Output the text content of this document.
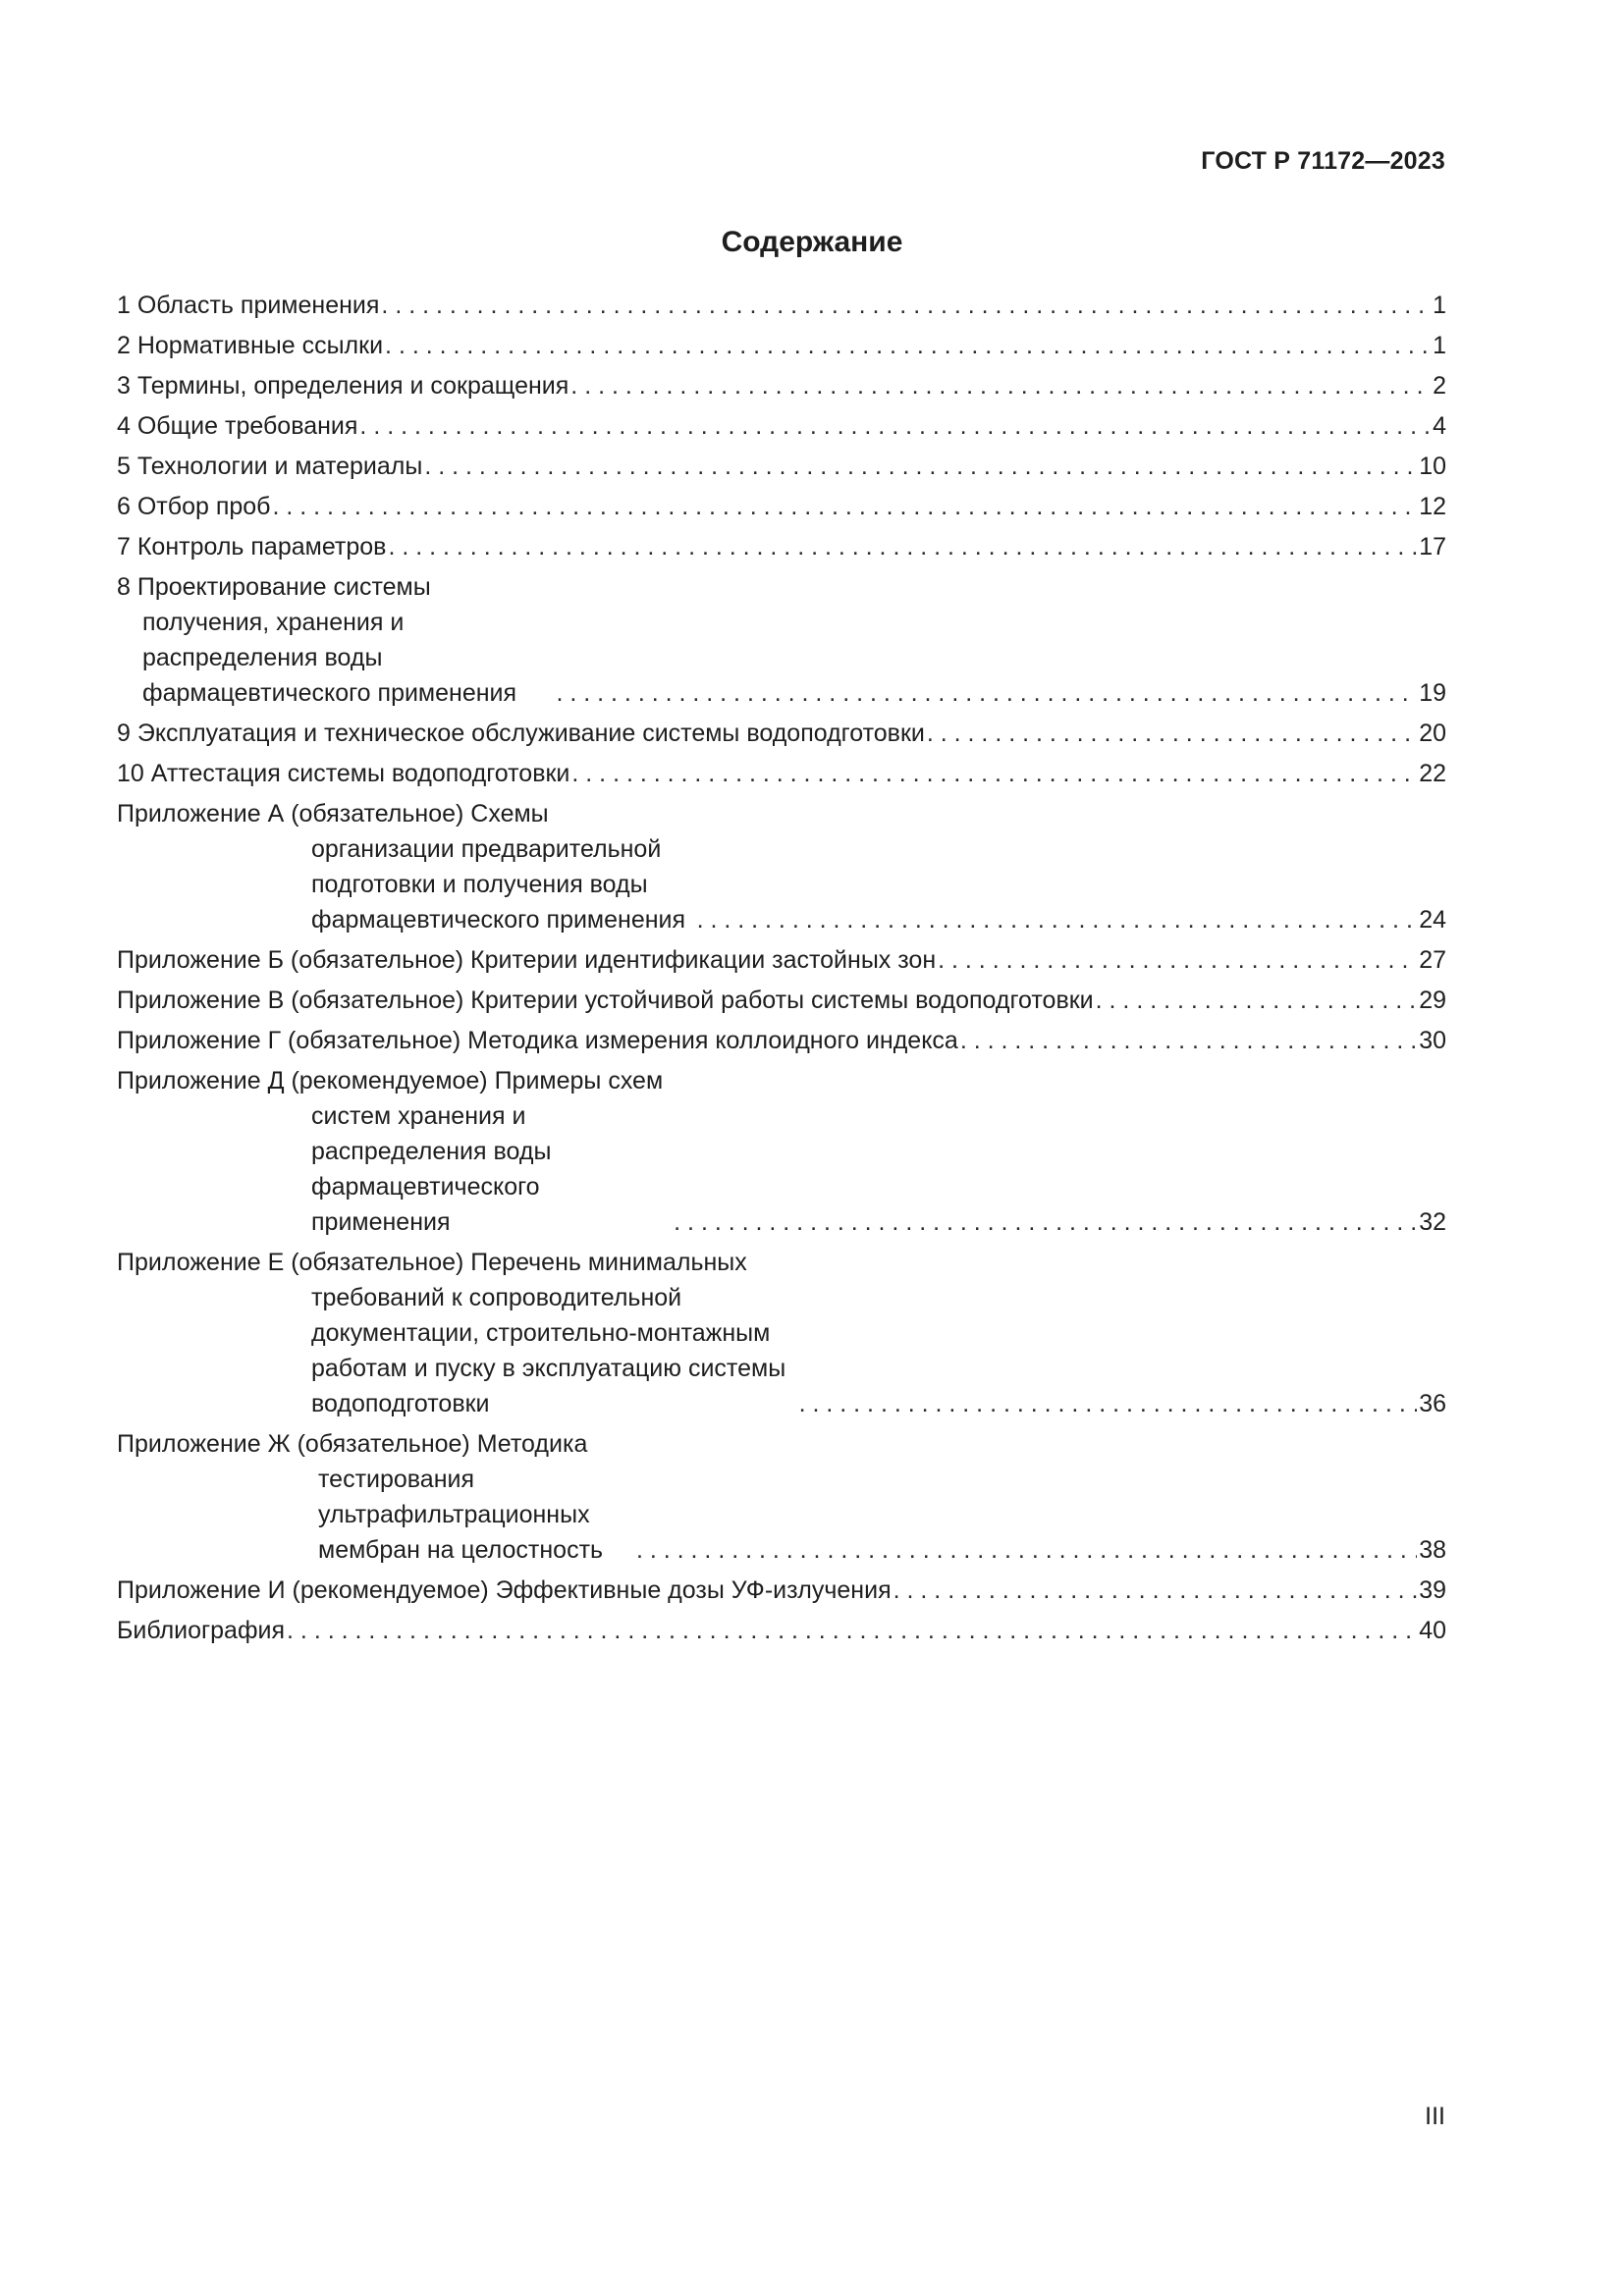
ГОСТ Р 71172—2023
Содержание
1 Область применения . . .	1
2 Нормативные ссылки . . .	1
3 Термины, определения и сокращения . . .	2
4 Общие требования . . .	4
5 Технологии и материалы . . .	10
6 Отбор проб . . .	12
7 Контроль параметров . . .	17
8 Проектирование системы получения, хранения и распределения воды фармацевтического применения . . .	19
9 Эксплуатация и техническое обслуживание системы водоподготовки . . .	20
10 Аттестация системы водоподготовки . . .	22
Приложение А (обязательное) Схемы организации предварительной подготовки и получения воды фармацевтического применения . . .	24
Приложение Б (обязательное) Критерии идентификации застойных зон . . .	27
Приложение В (обязательное) Критерии устойчивой работы системы водоподготовки . . .	29
Приложение Г (обязательное) Методика измерения коллоидного индекса . . .	30
Приложение Д (рекомендуемое) Примеры схем систем хранения и распределения воды фармацевтического применения . . .	32
Приложение Е (обязательное) Перечень минимальных требований к сопроводительной документации, строительно-монтажным работам и пуску в эксплуатацию системы водоподготовки . . .	36
Приложение Ж (обязательное) Методика тестирования ультрафильтрационных мембран на целостность . . .	38
Приложение И (рекомендуемое) Эффективные дозы УФ-излучения . . .	39
Библиография . . .	40
III
